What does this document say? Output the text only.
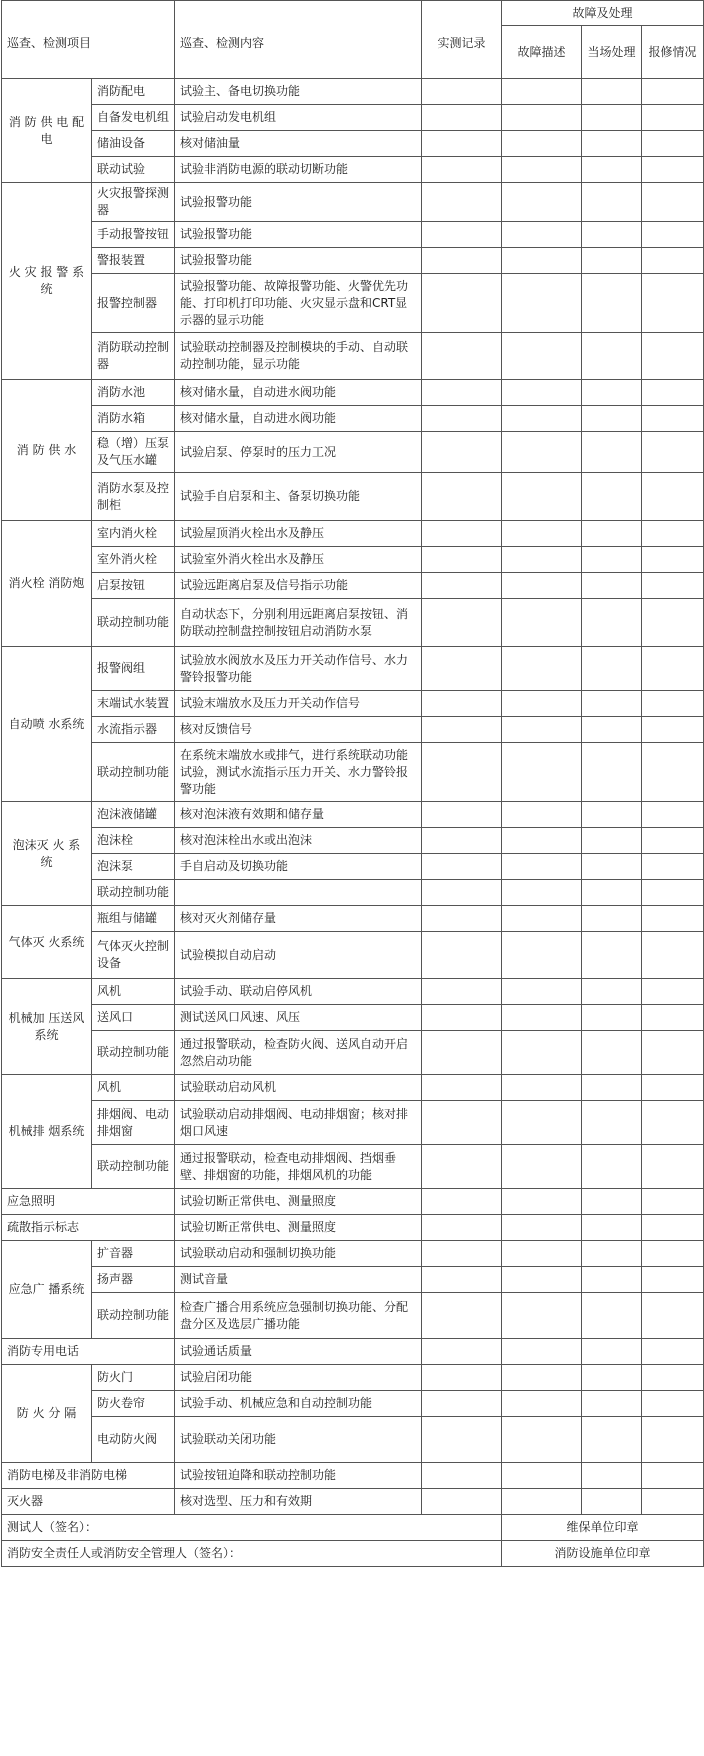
巡查、检测项目		巡查、检测内容	实测记录	故障及处理		
				故障描述	当场处理	报修情况
消 防 供 电 配 电	消防配电	试验主、备电切换功能				
	自备发电机组	试验启动发电机组				
	储油设备	核对储油量				
	联动试验	试验非消防电源的联动切断功能				
火 灾 报 警 系 统	火灾报警探测器	试验报警功能				
	手动报警按钮	试验报警功能				
	警报装置	试验报警功能				
	报警控制器	试验报警功能、故障报警功能、火警优先功能、打印机打印功能、火灾显示盘和CRT显示器的显示功能				
	消防联动控制器	试验联动控制器及控制模块的手动、自动联动控制功能，显示功能				
消 防 供 水	消防水池	核对储水量，自动进水阀功能				
	消防水箱	核对储水量，自动进水阀功能				
	稳（增）压泵及气压水罐	试验启泵、停泵时的压力工况				
	消防水泵及控制柜	试验手自启泵和主、备泵切换功能				
消火栓 消防炮	室内消火栓	试验屋顶消火栓出水及静压				
	室外消火栓	试验室外消火栓出水及静压				
	启泵按钮	试验远距离启泵及信号指示功能				
	联动控制功能	自动状态下，分别利用远距离启泵按钮、消防联动控制盘控制按钮启动消防水泵				
自动喷 水系统	报警阀组	试验放水阀放水及压力开关动作信号、水力警铃报警功能				
	末端试水装置	试验末端放水及压力开关动作信号				
	水流指示器	核对反馈信号				
	联动控制功能	在系统末端放水或排气，进行系统联动功能试验，测试水流指示压力开关、水力警铃报警功能				
泡沫灭 火 系统	泡沫液储罐	核对泡沫液有效期和储存量				
	泡沫栓	核对泡沫栓出水或出泡沫				
	泡沫泵	手自启动及切换功能				
	联动控制功能					
气体灭 火系统	瓶组与储罐	核对灭火剂储存量				
	气体灭火控制设备	试验模拟自动启动				
机械加 压送风 系统	风机	试验手动、联动启停风机				
	送风口	测试送风口风速、风压				
	联动控制功能	通过报警联动，检查防火阀、送风自动开启忽然启动功能				
机械排 烟系统	风机	试验联动启动风机				
	排烟阀、电动排烟窗	试验联动启动排烟阀、电动排烟窗；核对排烟口风速				
	联动控制功能	通过报警联动，检查电动排烟阀、挡烟垂壁、排烟窗的功能，排烟风机的功能				
应急照明		试验切断正常供电、测量照度				
疏散指示标志		试验切断正常供电、测量照度				
应急广 播系统	扩音器	试验联动启动和强制切换功能				
	扬声器	测试音量				
	联动控制功能	检查广播合用系统应急强制切换功能、分配盘分区及选层广播功能				
消防专用电话		试验通话质量				
防 火 分 隔	防火门	试验启闭功能				
	防火卷帘	试验手动、机械应急和自动控制功能				
	电动防火阀	试验联动关闭功能				
消防电梯及非消防电梯		试验按钮迫降和联动控制功能				
灭火器		核对选型、压力和有效期				
测试人（签名）：				维保单位印章		
消防安全责任人或消防安全管理人（签名）：				消防设施单位印章		
